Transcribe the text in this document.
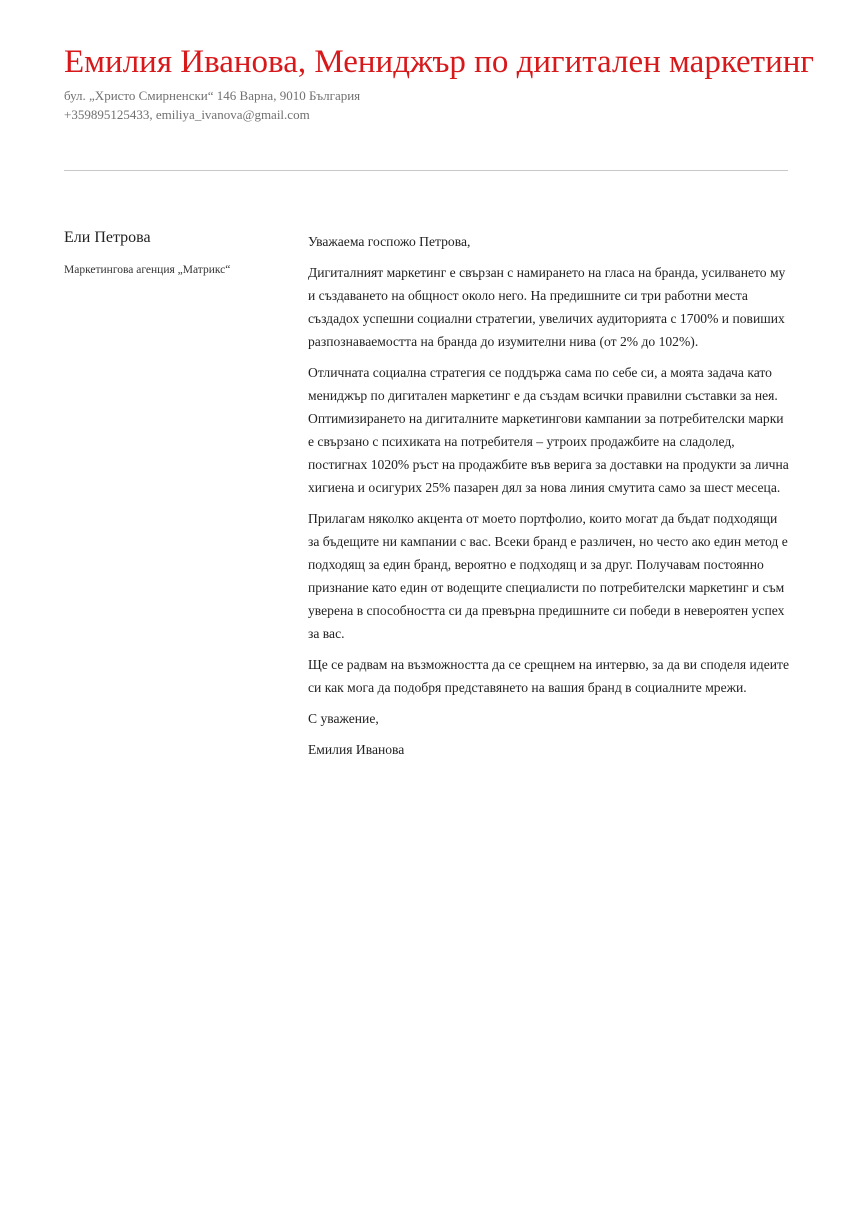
Емилия Иванова, Мениджър по дигитален маркетинг

бул. „Христо Смирненски“ 146 Варна, 9010 България

+359895125433, emiliya_ivanova@gmail.com

Ели Петрова

Маркетингова агенция „Матрикс“

Уважаема госпожо Петрова,

Дигиталният маркетинг е свързан с намирането на гласа на бранда, усилването му и създаването на общност около него. На предишните си три работни места създадох успешни социални стратегии, увеличих аудиторията с 1700% и повиших разпознаваемостта на бранда до изумителни нива (от 2% до 102%).

Отличната социална стратегия се поддържа сама по себе си, а моята задача като мениджър по дигитален маркетинг е да създам всички правилни съставки за нея. Оптимизирането на дигиталните маркетингови кампании за потребителски марки е свързано с психиката на потребителя – утроих продажбите на сладолед, постигнах 1020% ръст на продажбите във верига за доставки на продукти за лична хигиена и осигурих 25% пазарен дял за нова линия смутита само за шест месеца.

Прилагам няколко акцента от моето портфолио, които могат да бъдат подходящи за бъдещите ни кампании с вас. Всеки бранд е различен, но често ако един метод е подходящ за един бранд, вероятно е подходящ и за друг. Получавам постоянно признание като един от водещите специалисти по потребителски маркетинг и съм уверена в способността си да превърна предишните си победи в невероятен успех за вас.

Ще се радвам на възможността да се срещнем на интервю, за да ви споделя идеите си как мога да подобря представянето на вашия бранд в социалните мрежи.

С уважение,

Емилия Иванова
